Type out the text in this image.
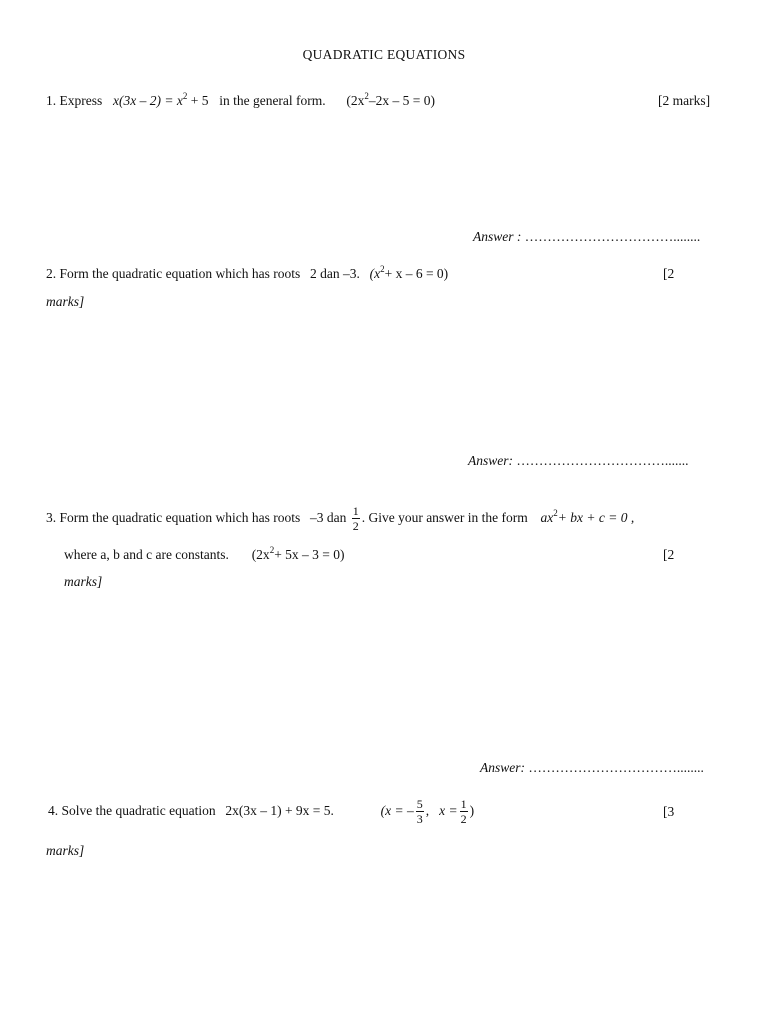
QUADRATIC EQUATIONS
1. Express $x(3x - 2) = x^2 + 5$ in the general form. $(2x^2-2x - 5 = 0)$	[2 marks]
Answer : ……………………………........
2. Form the quadratic equation which has roots 2 dan –3. $(x^2+ x - 6 = 0)$	[2
marks]
Answer: …………………………….......
3. Form the quadratic equation which has roots –3 dan $\frac{1}{2}$ . Give your answer in the form $ax^2+$ bx + c = 0 ,
where a, b and c are constants. $(2x^2+ 5x - 3 = 0)$	[2
marks]
Answer: ……………………………........
4. Solve the quadratic equation 2x(3x – 1) + 9x = 5.	(x = – $\frac{5}{3}$ , $x = \frac{1}{2}$ )	[3
marks]
